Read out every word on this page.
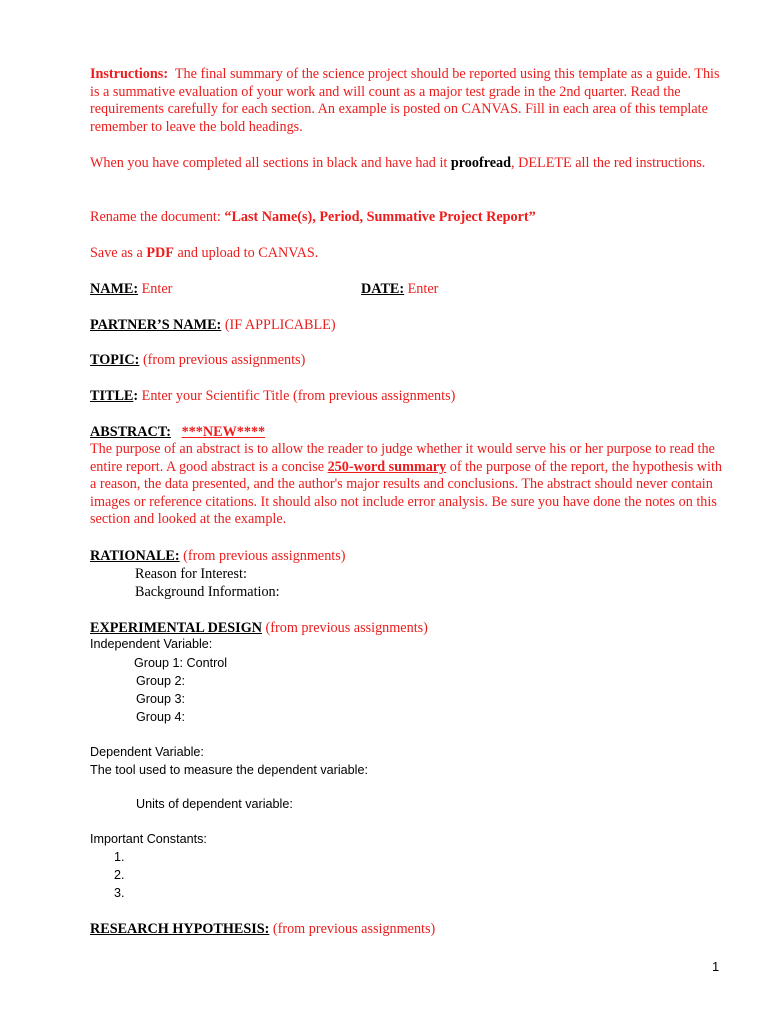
Instructions: The final summary of the science project should be reported using this template as a guide. This is a summative evaluation of your work and will count as a major test grade in the 2nd quarter. Read the requirements carefully for each section. An example is posted on CANVAS. Fill in each area of this template remember to leave the bold headings.

When you have completed all sections in black and have had it proofread, DELETE all the red instructions.

Rename the document: “Last Name(s), Period, Summative Project Report”

Save as a PDF and upload to CANVAS.

NAME: Enter	DATE: Enter

PARTNER’S NAME: (IF APPLICABLE)

TOPIC: (from previous assignments)

TITLE: Enter your Scientific Title (from previous assignments)

ABSTRACT: ***NEW****

The purpose of an abstract is to allow the reader to judge whether it would serve his or her purpose to read the entire report. A good abstract is a concise 250-word summary of the purpose of the report, the hypothesis with a reason, the data presented, and the author's major results and conclusions. The abstract should never contain images or reference citations. It should also not include error analysis. Be sure you have done the notes on this section and looked at the example.

RATIONALE: (from previous assignments)

Reason for Interest:

Background Information:

EXPERIMENTAL DESIGN (from previous assignments)

Independent Variable:

Group 1: Control

Group 2:

Group 3:

Group 4:

Dependent Variable:

The tool used to measure the dependent variable:

Units of dependent variable:

Important Constants:

1.

2.

3.

RESEARCH HYPOTHESIS: (from previous assignments)

1
